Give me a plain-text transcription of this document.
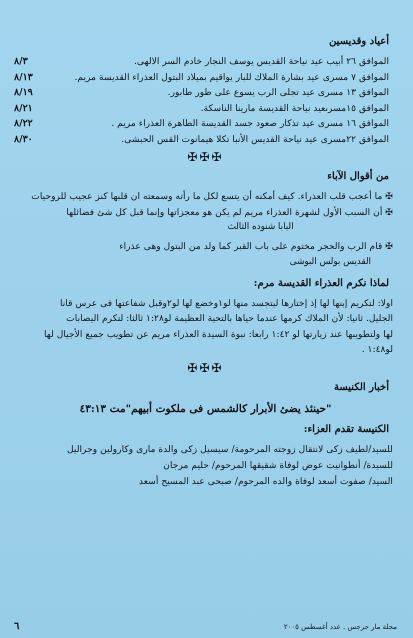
أعياد وقديسين
الموافق ٢٦ أبيب عيد نياحة القديس يوسف النجار خادم السر الالهى.
٨/٣
الموافق ٧ مسرى عيد بشارة الملاك للبار يواقيم بميلاد البتول العذراء القديسة مريم.
٨/١٣
الموافق ١٣ مسرى عيد تجلى الرب يسوع على طور طابور.
٨/١٩
الموافق ١٥مسرىعيد نياحة القديسة مارينا الناسكة.
٨/٢١
الموافق ١٦ مسرى عيد تذكار صعود جسد القديسة الطاهرة العذراء مريم .
٨/٢٢
الموافق ٢٢مسرى عيد نياحة القديس الأنبا تكلا هيمانوت القس الحبشى.
٨/٣٠
✠✠✠
من أقوال الآباء
✠ ما أعجب قلب العذراء. كيف أمكنه أن يتسع لكل ما رأته وسمعته ان قلبها كنز عجيب للروحيات
✠ أن السبب الأول لشهرة العذراء مريم لم يكن هو معجزاتها وإنما قبل كل شئ فضائلها
البابا شنوده الثالث
✠ قام الرب والحجر مختوم على باب القبر كما ولد من البتول وهى عذراء
القديس بولس البوشى
لماذا نكرم العذراء القديسة مرم:
اولا: لتكريم إبنها لها إذ إختارها ليتجسد منها لو١وخضع لها لو٢وقبل شفاعتها فى عرس قانا
الجليل. ثانيا: لأن الملاك كرمها عندما حياها بالتحية العظيمة لو١:٢٨ ثالثا: لتكرم اليصابات
لها ولتطويبها عند زيارتها لو ١:٤٢ رابعا: نبوة السيدة العذراء مريم عن تطويب جميع الأجيال لها
لو١:٤٨ .
✠✠✠
أخبار الكنيسة
"حينئذ يضئ الأبرار كالشمس فى ملكوت أبيهم"مت ٤٣:١٣
الكنيسة تقدم العزاء:
للسيد/لطيف زكى لانتقال زوجته المرحومة/ سيسيل زكى والدة مارى وكارولين وجراليل
للسيدة/ أنطوانيت عوض لوفاة شقيقها المرحوم/ حليم مرجان
السيد/ صفوت أسعد لوفاة والده المرحوم/ صبحى عبد المسيح أسعد
٦	مجلة مار جرجس . عدد أغسطس ٢٠٠٥
